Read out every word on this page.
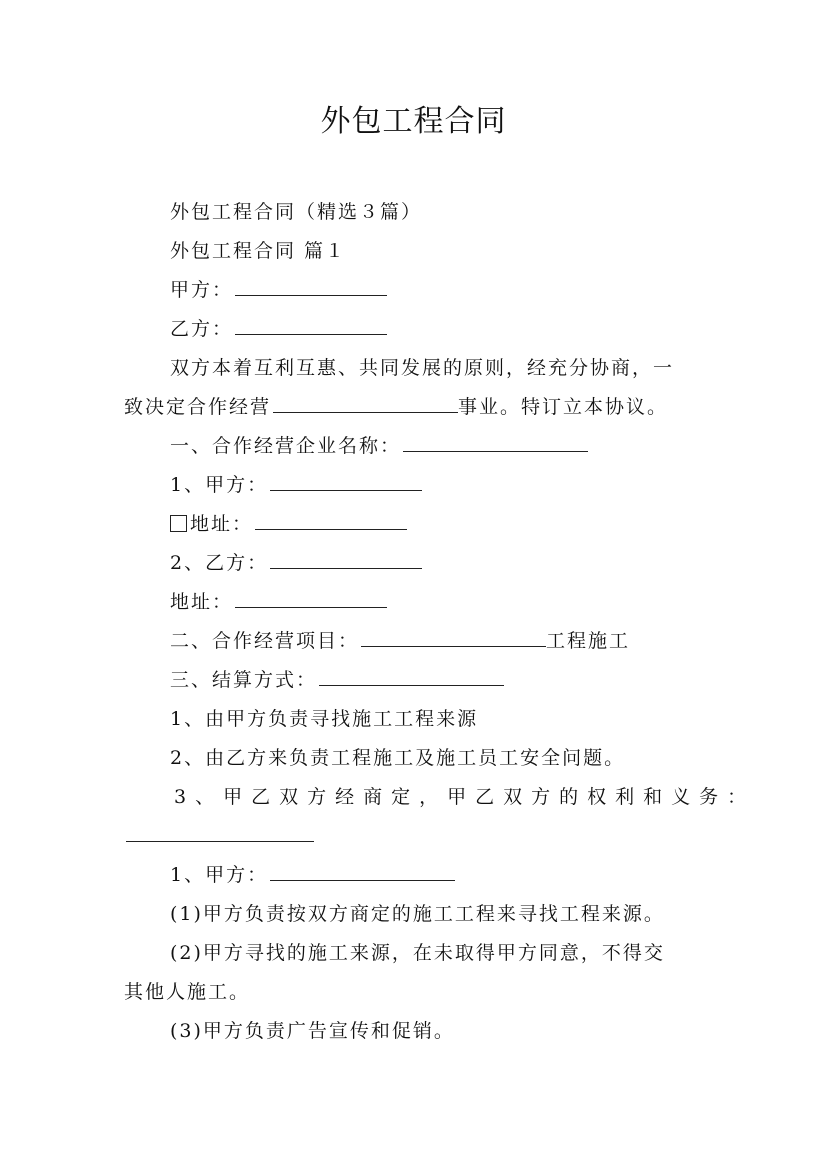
外包工程合同
外包工程合同（精选３篇）
外包工程合同 篇１
甲方：
乙方：
双方本着互利互惠、共同发展的原则，经充分协商，一
致决定合作经营	事业。特订立本协议。
一、合作经营企业名称：
1、甲方：
地址：
2、乙方：
地址：
二、合作经营项目：	工程施工
三、结算方式：
1、由甲方负责寻找施工工程来源
2、由乙方来负责工程施工及施工员工安全问题。
3、甲乙双方经商定，甲乙双方的权利和义务：
1、甲方：
(1)甲方负责按双方商定的施工工程来寻找工程来源。
(2)甲方寻找的施工来源，在未取得甲方同意，不得交
其他人施工。
(3)甲方负责广告宣传和促销。
